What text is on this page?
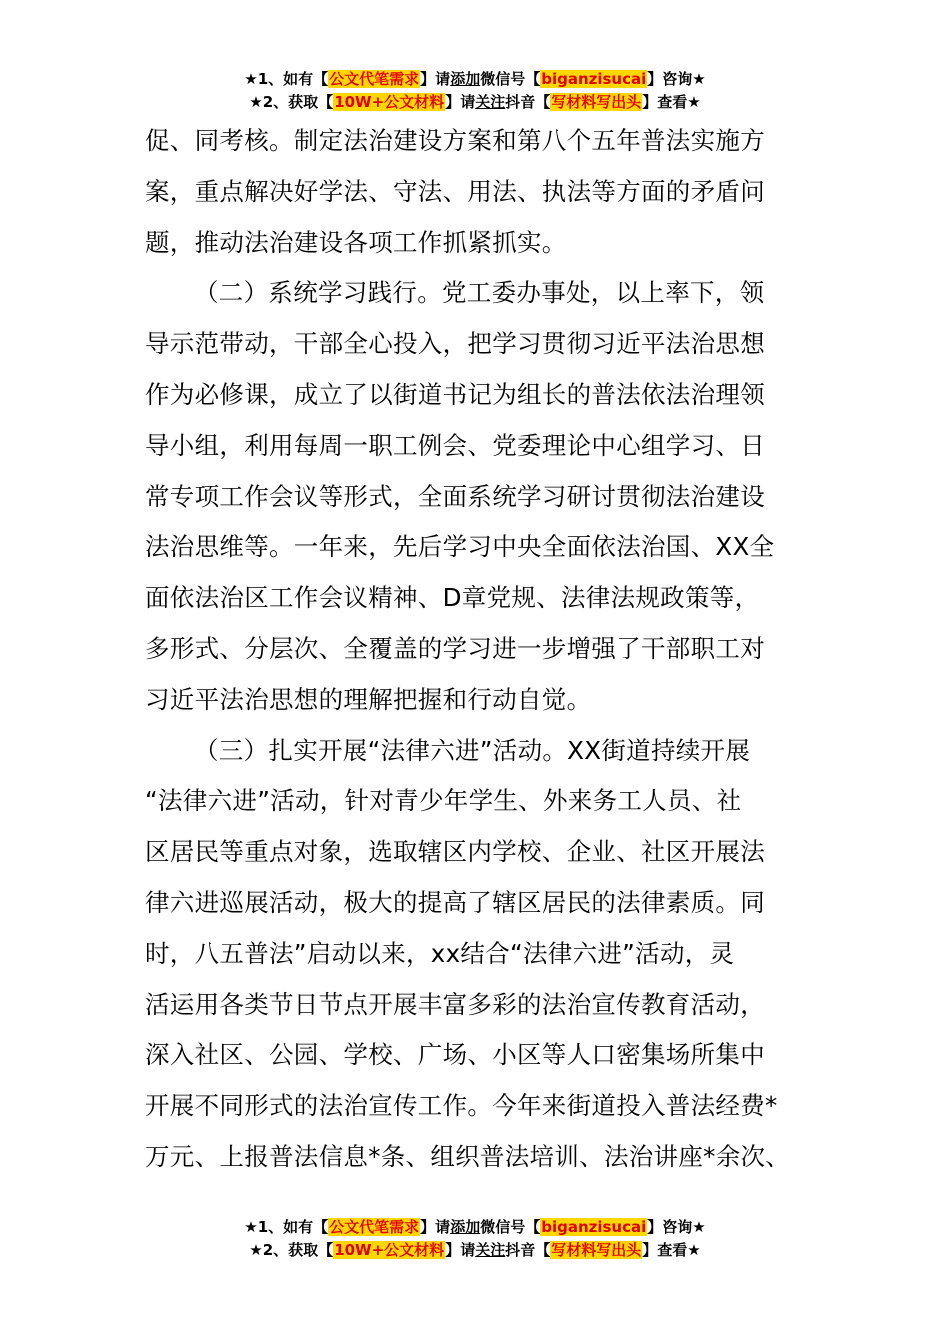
★1、如有【公文代笔需求】请添加微信号【biganzisucai】咨询★
★2、获取【10W+公文材料】请关注抖音【写材料写出头】查看★
促、同考核。制定法治建设方案和第八个五年普法实施方
案，重点解决好学法、守法、用法、执法等方面的矛盾问
题，推动法治建设各项工作抓紧抓实。
（二）系统学习践行。党工委办事处，以上率下，领
导示范带动，干部全心投入，把学习贯彻习近平法治思想
作为必修课，成立了以街道书记为组长的普法依法治理领
导小组，利用每周一职工例会、党委理论中心组学习、日
常专项工作会议等形式，全面系统学习研讨贯彻法治建设
法治思维等。一年来，先后学习中央全面依法治国、XX全
面依法治区工作会议精神、D章党规、法律法规政策等，
多形式、分层次、全覆盖的学习进一步增强了干部职工对
习近平法治思想的理解把握和行动自觉。
（三）扎实开展“法律六进”活动。XX街道持续开展
“法律六进”活动，针对青少年学生、外来务工人员、社
区居民等重点对象，选取辖区内学校、企业、社区开展法
律六进巡展活动，极大的提高了辖区居民的法律素质。同
时，八五普法”启动以来，xx结合“法律六进”活动，灵
活运用各类节日节点开展丰富多彩的法治宣传教育活动，
深入社区、公园、学校、广场、小区等人口密集场所集中
开展不同形式的法治宣传工作。今年来街道投入普法经费*
万元、上报普法信息*条、组织普法培训、法治讲座*余次、
★1、如有【公文代笔需求】请添加微信号【biganzisucai】咨询★
★2、获取【10W+公文材料】请关注抖音【写材料写出头】查看★
